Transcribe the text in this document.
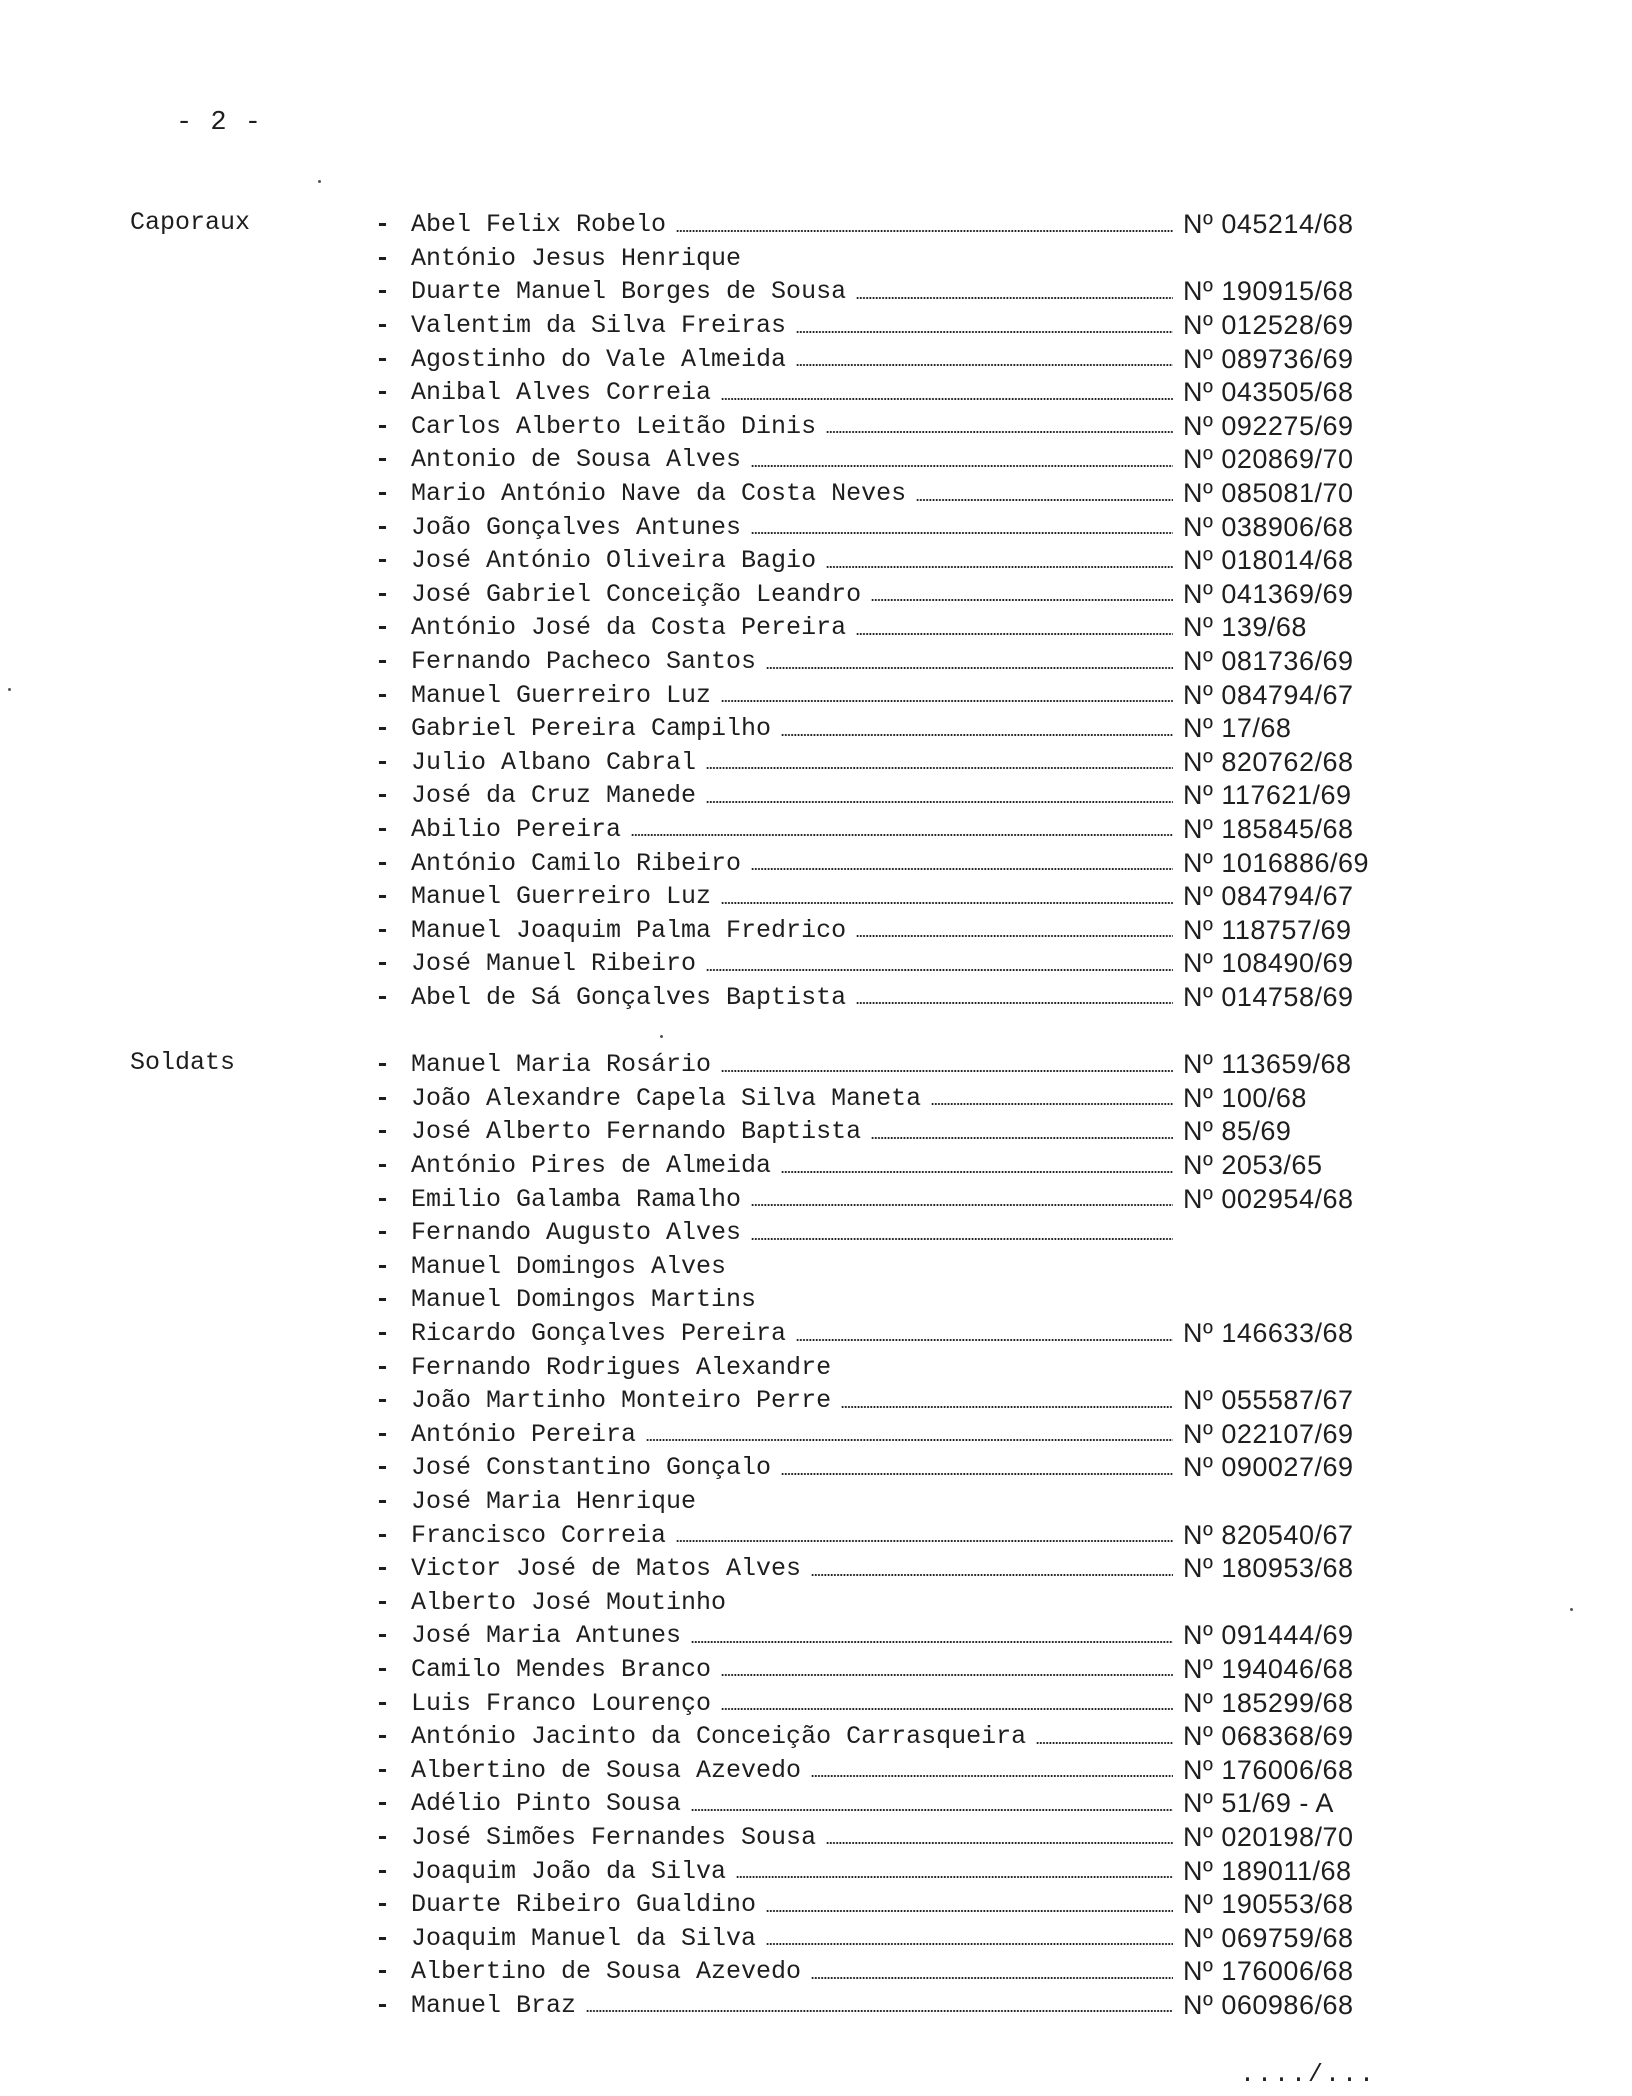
- 2 -
Caporaux	- Abel Felix Robelo	Nº 045214/68
- António Jesus Henrique
- Duarte Manuel Borges de Sousa	Nº 190915/68
- Valentim da Silva Freiras	Nº 012528/69
- Agostinho do Vale Almeida	Nº 089736/69
- Anibal Alves Correia	Nº 043505/68
- Carlos Alberto Leitão Dinis	Nº 092275/69
- Antonio de Sousa Alves	Nº 020869/70
- Mario António Nave da Costa Neves	Nº 085081/70
- João Gonçalves Antunes	Nº 038906/68
- José António Oliveira Bagio	Nº 018014/68
- José Gabriel Conceição Leandro	Nº 041369/69
- António José da Costa Pereira	Nº 139/68
- Fernando Pacheco Santos	Nº 081736/69
- Manuel Guerreiro Luz	Nº 084794/67
- Gabriel Pereira Campilho	Nº 17/68
- Julio Albano Cabral	Nº 820762/68
- José da Cruz Manede	Nº 117621/69
- Abilio Pereira	Nº 185845/68
- António Camilo Ribeiro	Nº 1016886/69
- Manuel Guerreiro Luz	Nº 084794/67
- Manuel Joaquim Palma Fredrico	Nº 118757/69
- José Manuel Ribeiro	Nº 108490/69
- Abel de Sá Gonçalves Baptista	Nº 014758/69
Soldats	- Manuel Maria Rosário	Nº 113659/68
- João Alexandre Capela Silva Maneta	Nº 100/68
- José Alberto Fernando Baptista	Nº 85/69
- António Pires de Almeida	Nº 2053/65
- Emilio Galamba Ramalho	Nº 002954/68
- Fernando Augusto Alves
- Manuel Domingos Alves
- Manuel Domingos Martins
- Ricardo Gonçalves Pereira	Nº 146633/68
- Fernando Rodrigues Alexandre
- João Martinho Monteiro Perre	Nº 055587/67
- António Pereira	Nº 022107/69
- José Constantino Gonçalo	Nº 090027/69
- José Maria Henrique
- Francisco Correia	Nº 820540/67
- Victor José de Matos Alves	Nº 180953/68
- Alberto José Moutinho
- José Maria Antunes	Nº 091444/69
- Camilo Mendes Branco	Nº 194046/68
- Luis Franco Lourenço	Nº 185299/68
- António Jacinto da Conceição Carrasqueira	Nº 068368/69
- Albertino de Sousa Azevedo	Nº 176006/68
- Adélio Pinto Sousa	Nº 51/69 - A
- José Simões Fernandes Sousa	Nº 020198/70
- Joaquim João da Silva	Nº 189011/68
- Duarte Ribeiro Gualdino	Nº 190553/68
- Joaquim Manuel da Silva	Nº 069759/68
- Albertino de Sousa Azevedo	Nº 176006/68
- Manuel Braz	Nº 060986/68
..../...
